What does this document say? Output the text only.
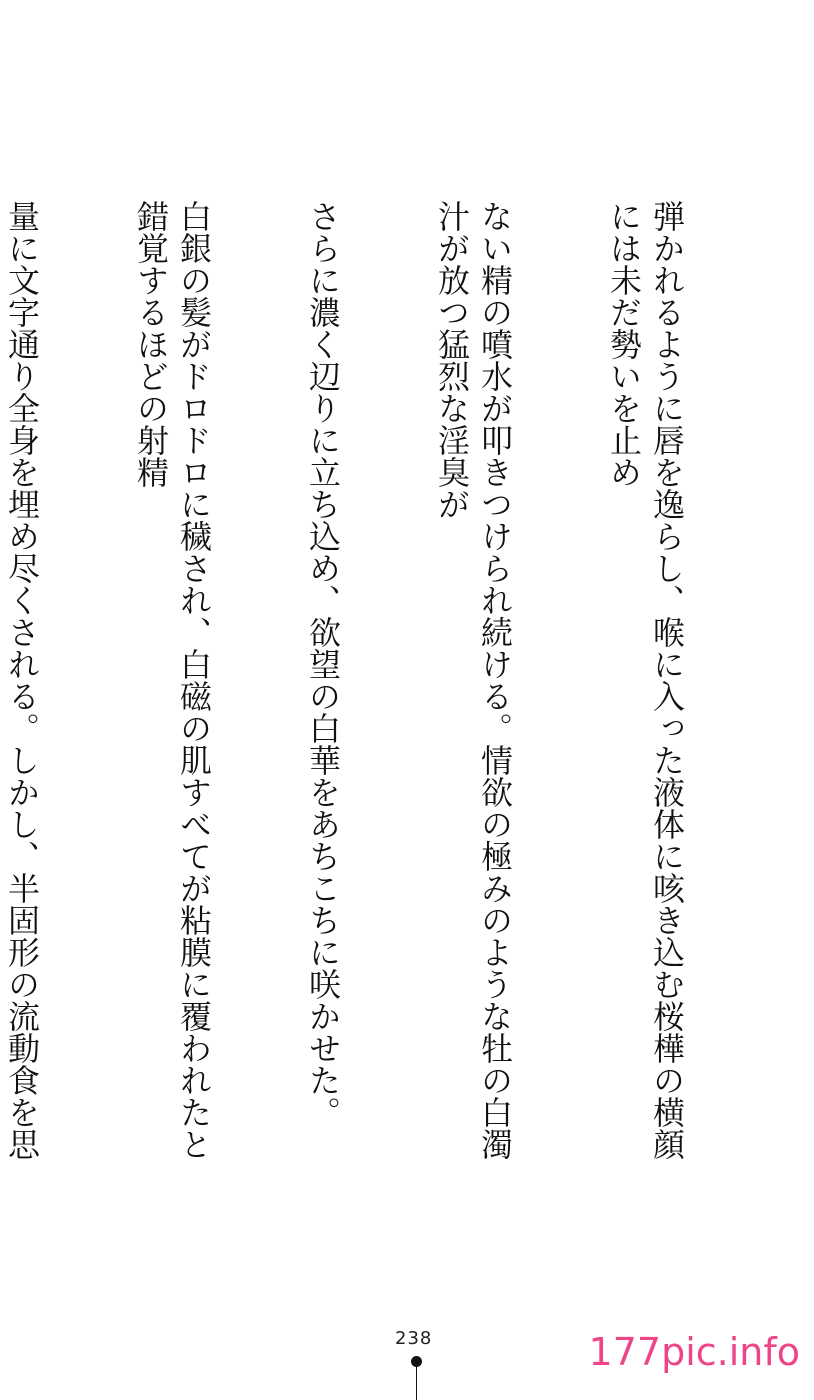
弾かれるように唇を逸らし、喉に入った液体に咳き込む桜樺の横顔には未だ勢いを止め

ない精の噴水が叩きつけられ続ける。情欲の極みのような牡の白濁汁が放つ猛烈な淫臭が

さらに濃く辺りに立ち込め、欲望の白華をあちこちに咲かせた。

白銀の髪がドロドロに穢され、白磁の肌すべてが粘膜に覆われたと錯覚するほどの射精

量に文字通り全身を埋め尽くされる。しかし、半固形の流動食を思

238	177pic.info
